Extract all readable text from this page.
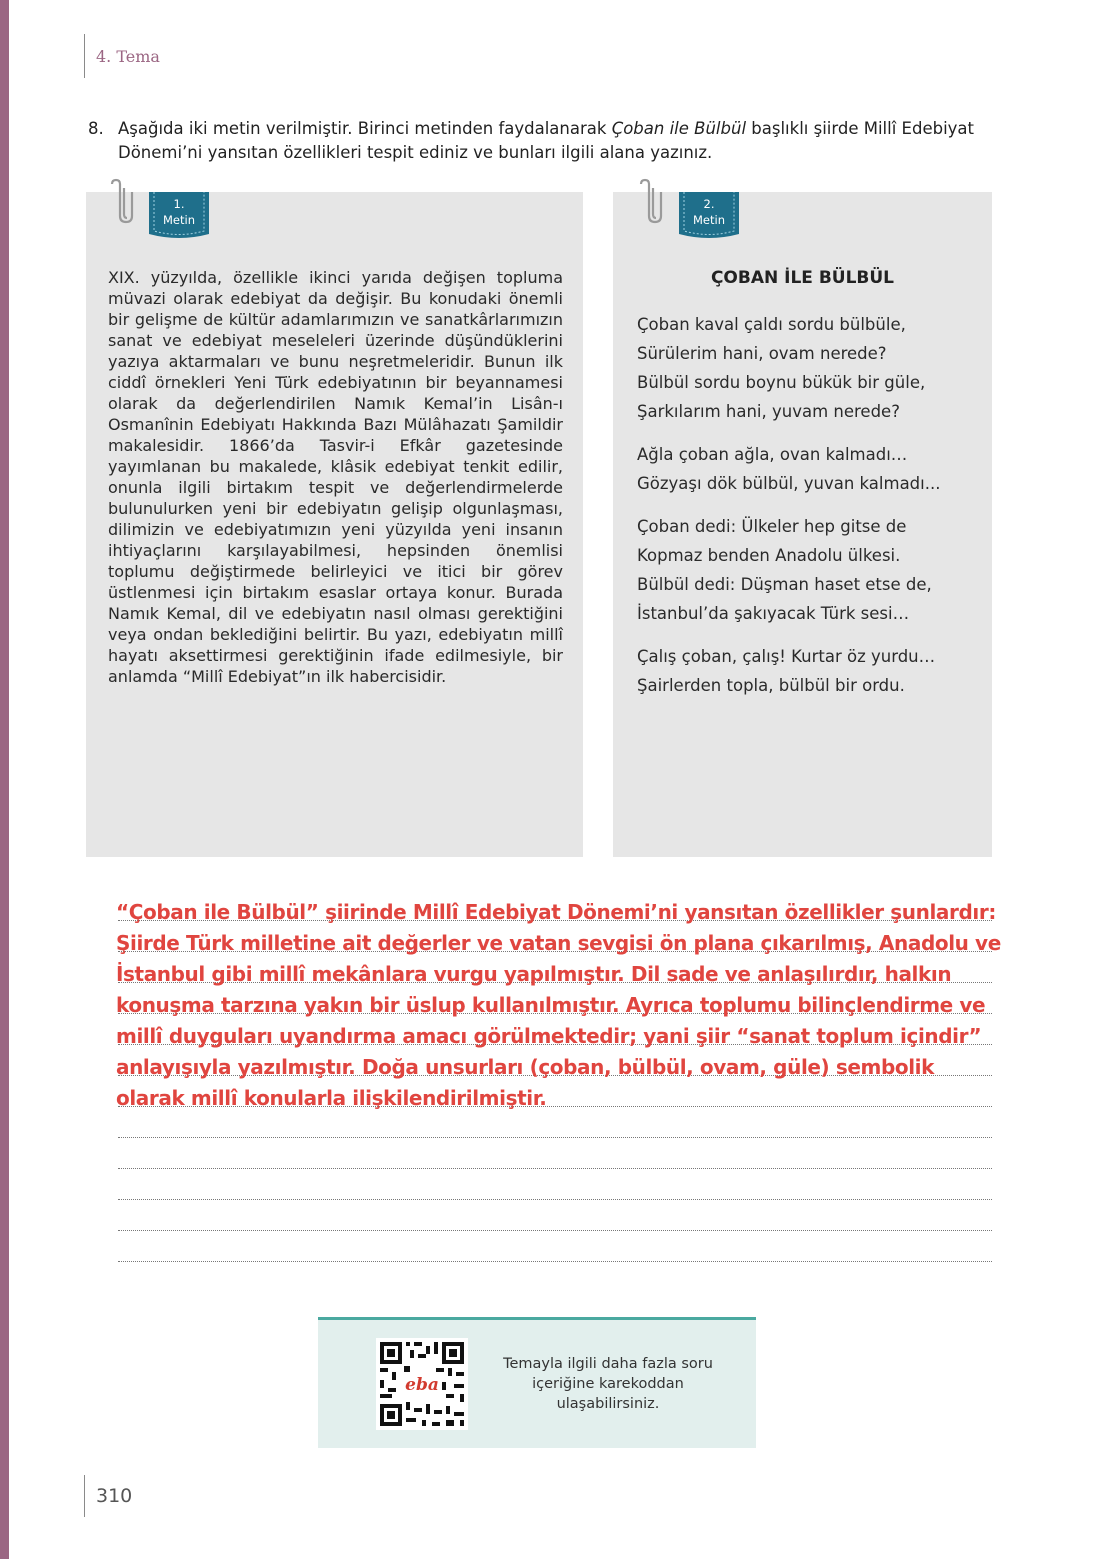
4. Tema
8. Aşağıda iki metin verilmiştir. Birinci metinden faydalanarak Çoban ile Bülbül başlıklı şiirde Millî Edebiyat Dönemi’ni yansıtan özellikleri tespit ediniz ve bunları ilgili alana yazınız.
1.
Metin

XIX. yüzyılda, özellikle ikinci yarıda değişen topluma müvazi olarak edebiyat da değişir. Bu konudaki önemli bir gelişme de kültür adamlarımızın ve sanatkârlarımızın sanat ve edebiyat meseleleri üzerinde düşündüklerini yazıya aktarmaları ve bunu neşretmeleridir. Bunun ilk ciddî örnekleri Yeni Türk edebiyatının bir beyannamesi olarak da değerlendirilen Namık Kemal’in Lisân-ı Osmanînin Edebiyatı Hakkında Bazı Mülâhazatı Şamildir makalesidir. 1866’da Tasvir-i Efkâr gazetesinde yayımlanan bu makalede, klâsik edebiyat tenkit edilir, onunla ilgili birtakım tespit ve değerlendirmelerde bulunulurken yeni bir edebiyatın gelişip olgunlaşması, dilimizin ve edebiyatımızın yeni yüzyılda yeni insanın ihtiyaçlarını karşılayabilmesi, hepsinden önemlisi toplumu değiştirmede belirleyici ve itici bir görev üstlenmesi için birtakım esaslar ortaya konur. Burada Namık Kemal, dil ve edebiyatın nasıl olması gerektiğini veya ondan beklediğini belirtir. Bu yazı, edebiyatın millî hayatı aksettirmesi gerektiğinin ifade edilmesiyle, bir anlamda “Millî Edebiyat”ın ilk habercisidir.

2.
Metin
ÇOBAN İLE BÜLBÜL
Çoban kaval çaldı sordu bülbüle,
Sürülerim hani, ovam nerede?
Bülbül sordu boynu bükük bir güle,
Şarkılarım hani, yuvam nerede?
Ağla çoban ağla, ovan kalmadı…
Gözyaşı dök bülbül, yuvan kalmadı...
Çoban dedi: Ülkeler hep gitse de
Kopmaz benden Anadolu ülkesi.
Bülbül dedi: Düşman haset etse de,
İstanbul’da şakıyacak Türk sesi…
Çalış çoban, çalış! Kurtar öz yurdu…
Şairlerden topla, bülbül bir ordu.

“Çoban ile Bülbül” şiirinde Millî Edebiyat Dönemi’ni yansıtan özellikler şunlardır: Şiirde Türk milletine ait değerler ve vatan sevgisi ön plana çıkarılmış, Anadolu ve İstanbul gibi millî mekânlara vurgu yapılmıştır. Dil sade ve anlaşılırdır, halkın konuşma tarzına yakın bir üslup kullanılmıştır. Ayrıca toplumu bilinçlendirme ve millî duyguları uyandırma amacı görülmektedir; yani şiir “sanat toplum içindir” anlayışıyla yazılmıştır. Doğa unsurları (çoban, bülbül, ovam, güle) sembolik olarak millî konularla ilişkilendirilmiştir.

eba
Temayla ilgili daha fazla soru içeriğine karekoddan ulaşabilirsiniz.
310
